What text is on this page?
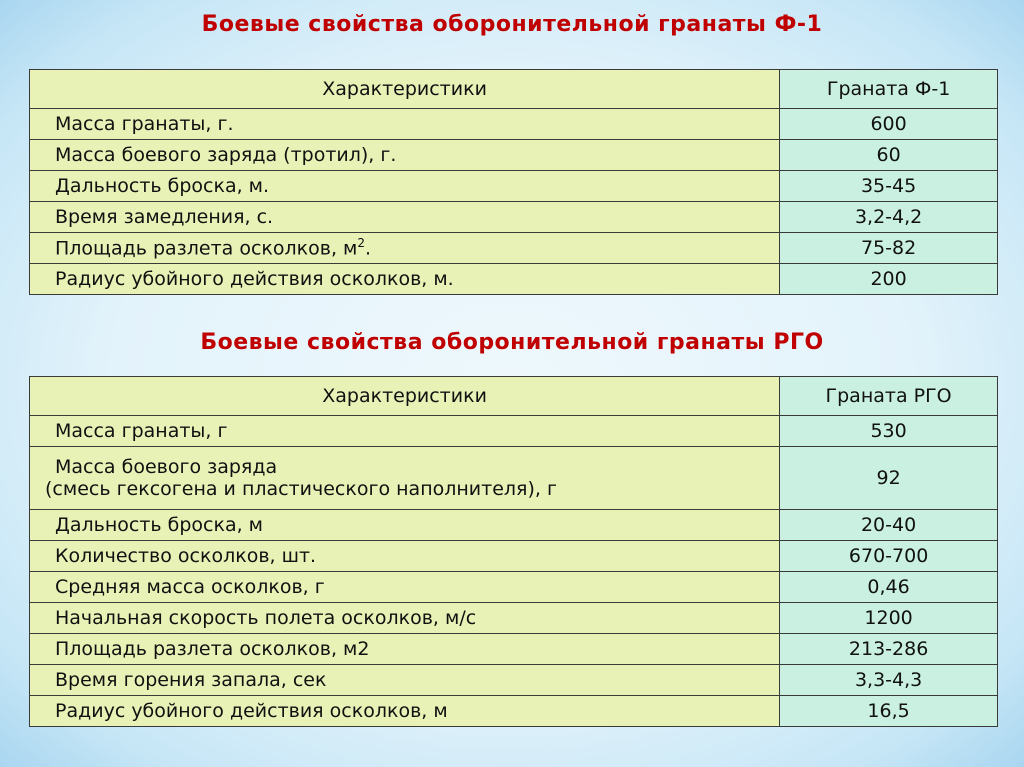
Боевые свойства оборонительной гранаты Ф-1
Характеристики	Граната Ф-1
Масса гранаты, г.	600
Масса боевого заряда (тротил), г.	60
Дальность броска, м.	35-45
Время замедления, с.	3,2-4,2
Площадь разлета осколков, $м^2$.	75-82
Радиус убойного действия осколков, м.	200
Боевые свойства оборонительной гранаты РГО
Характеристики	Граната РГО
Масса гранаты, г	530
Масса боевого заряда
(смесь гексогена и пластического наполнителя), г	92
Дальность броска, м	20-40
Количество осколков, шт.	670-700
Средняя масса осколков, г	0,46
Начальная скорость полета осколков, м/с	1200
Площадь разлета осколков, м2	213-286
Время горения запала, сек	3,3-4,3
Радиус убойного действия осколков, м	16,5
